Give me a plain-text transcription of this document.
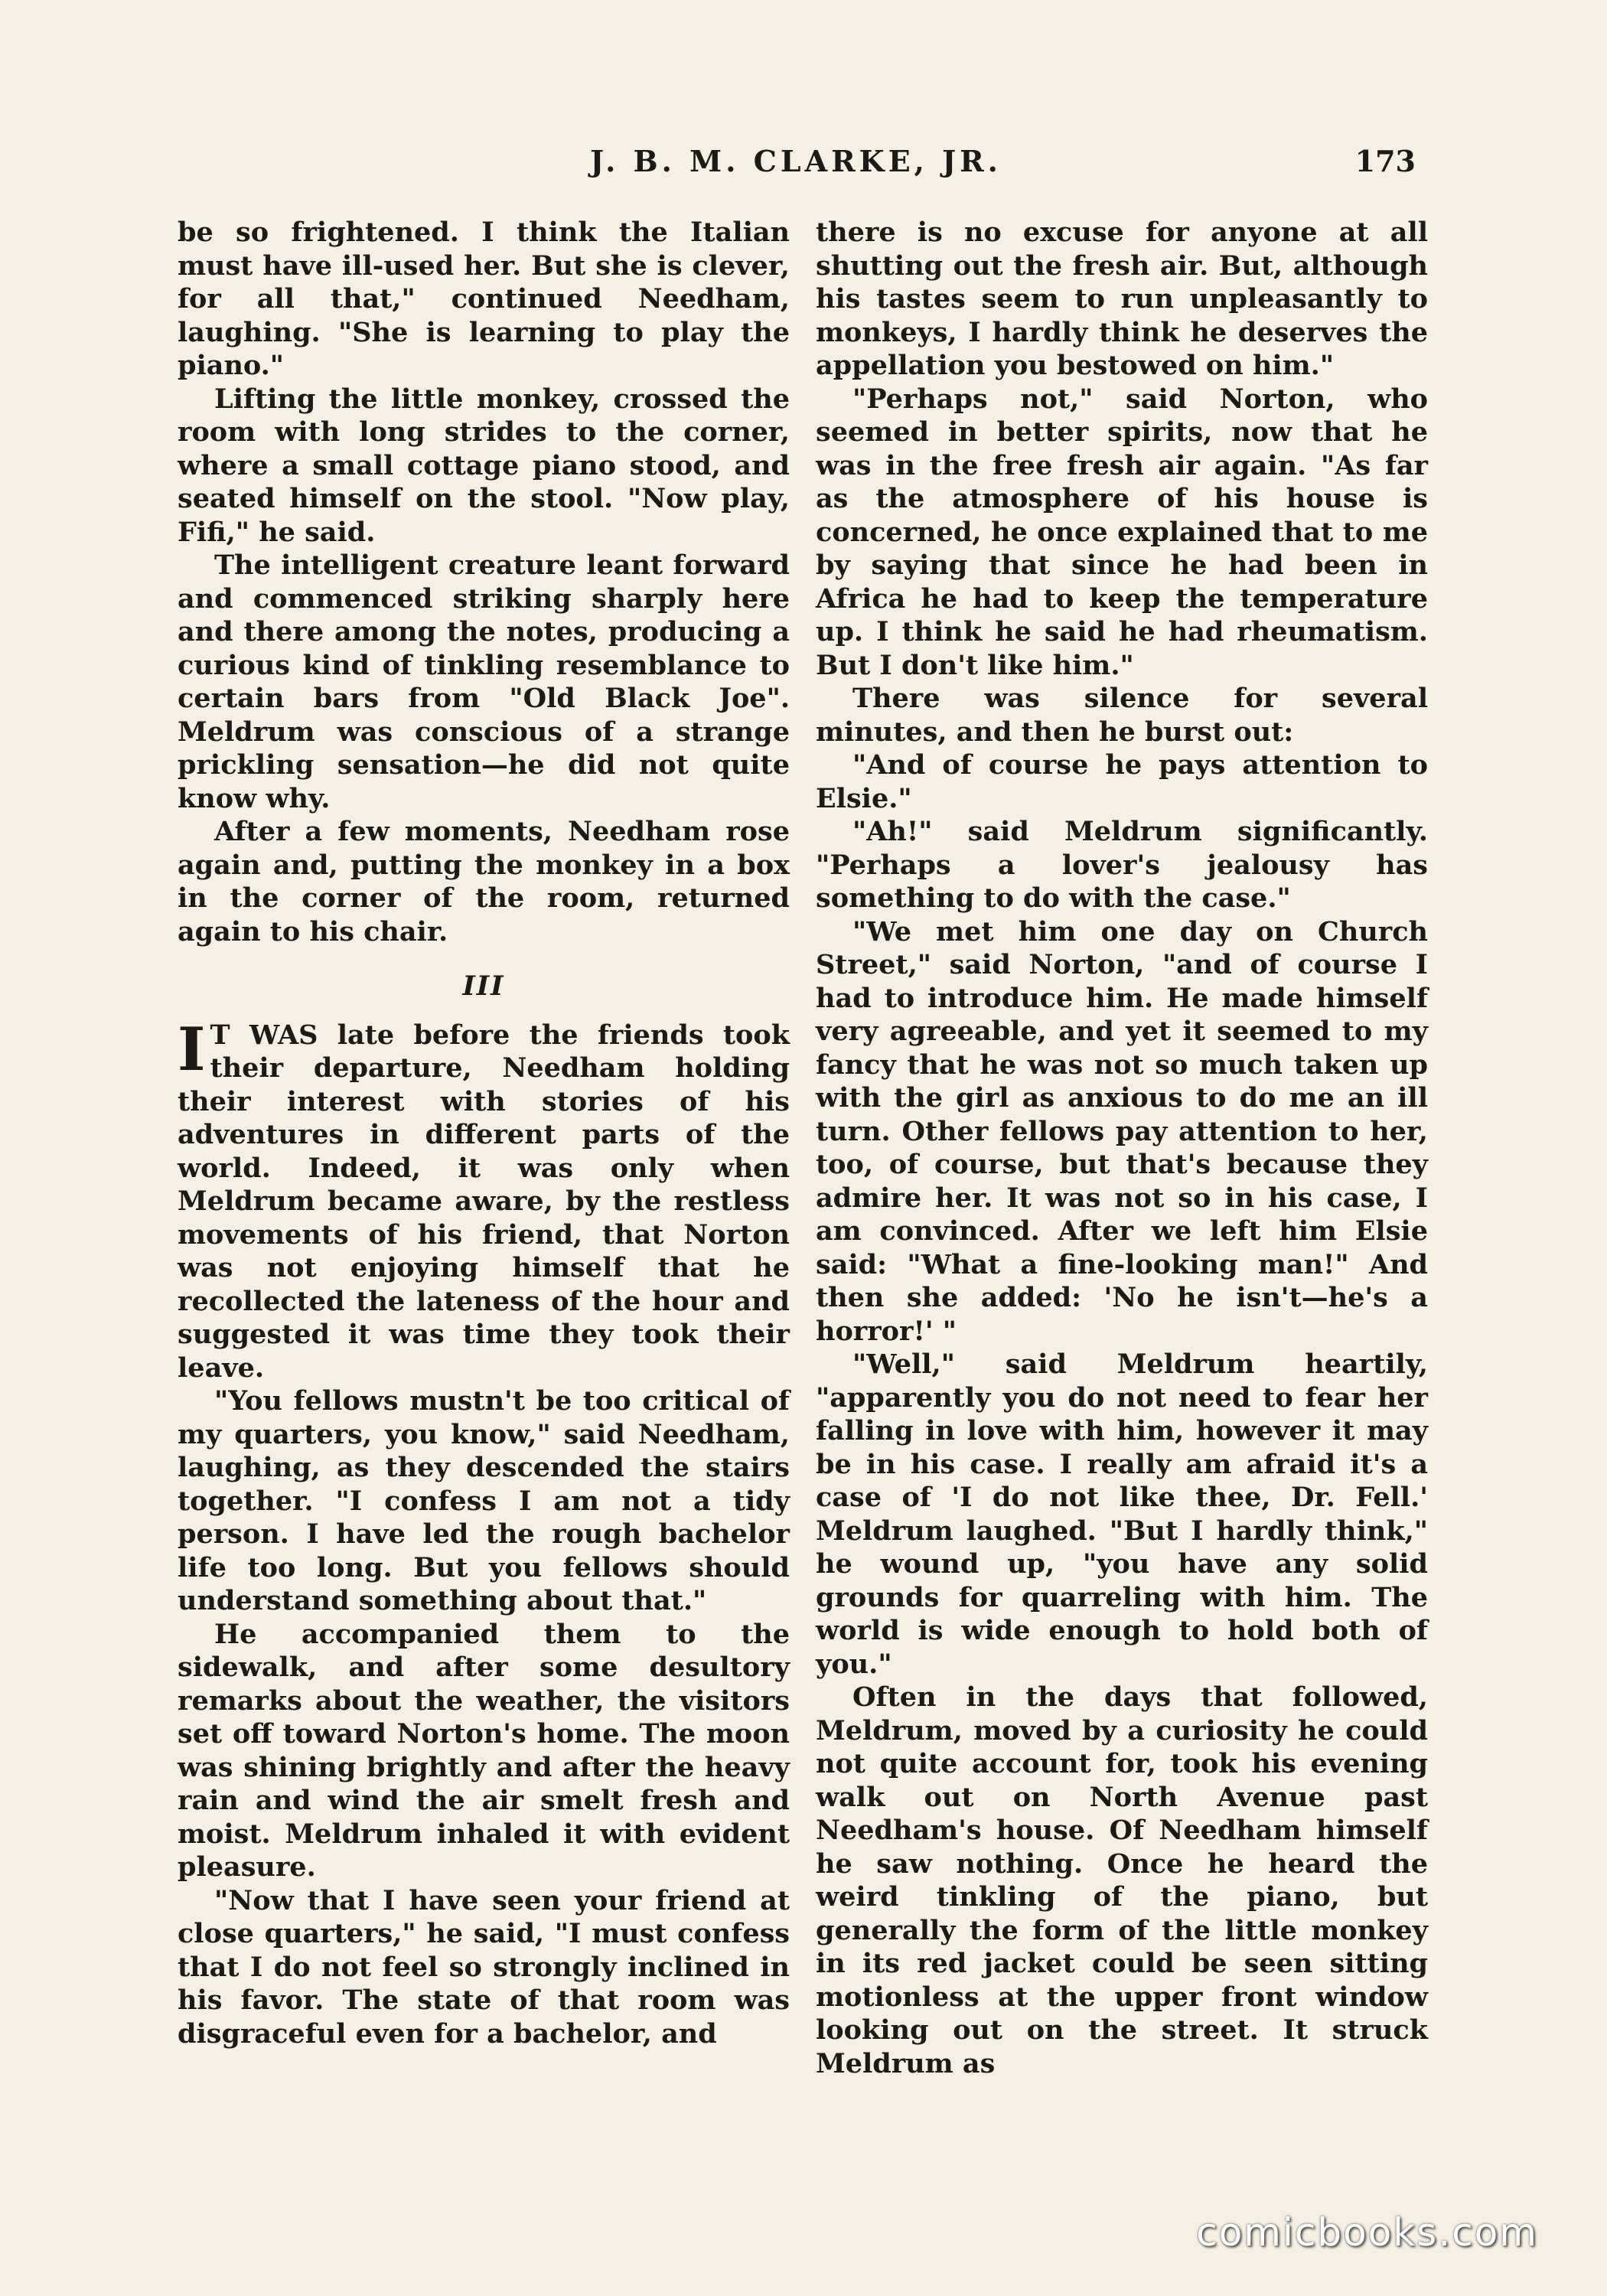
J. B. M. CLARKE, JR.	173

be so frightened. I think the Italian must have ill-used her. But she is clever, for all that," continued Needham, laughing. "She is learning to play the piano."

Lifting the little monkey, crossed the room with long strides to the corner, where a small cottage piano stood, and seated himself on the stool. "Now play, Fifi," he said.

The intelligent creature leant forward and commenced striking sharply here and there among the notes, producing a curious kind of tinkling resemblance to certain bars from "Old Black Joe". Meldrum was conscious of a strange prickling sensation—he did not quite know why.

After a few moments, Needham rose again and, putting the monkey in a box in the corner of the room, returned again to his chair.

III

I T WAS late before the friends took their departure, Needham holding their interest with stories of his adventures in different parts of the world. Indeed, it was only when Meldrum became aware, by the restless movements of his friend, that Norton was not enjoying himself that he recollected the lateness of the hour and suggested it was time they took their leave.

"You fellows mustn't be too critical of my quarters, you know," said Needham, laughing, as they descended the stairs together. "I confess I am not a tidy person. I have led the rough bachelor life too long. But you fellows should understand something about that."

He accompanied them to the sidewalk, and after some desultory remarks about the weather, the visitors set off toward Norton's home. The moon was shining brightly and after the heavy rain and wind the air smelt fresh and moist. Meldrum inhaled it with evident pleasure.

"Now that I have seen your friend at close quarters," he said, "I must confess that I do not feel so strongly inclined in his favor. The state of that room was disgraceful even for a bachelor, and

there is no excuse for anyone at all shutting out the fresh air. But, although his tastes seem to run unpleasantly to monkeys, I hardly think he deserves the appellation you bestowed on him."

"Perhaps not," said Norton, who seemed in better spirits, now that he was in the free fresh air again. "As far as the atmosphere of his house is concerned, he once explained that to me by saying that since he had been in Africa he had to keep the temperature up. I think he said he had rheumatism. But I don't like him."

There was silence for several minutes, and then he burst out:

"And of course he pays attention to Elsie."

"Ah!" said Meldrum significantly. "Perhaps a lover's jealousy has something to do with the case."

"We met him one day on Church Street," said Norton, "and of course I had to introduce him. He made himself very agreeable, and yet it seemed to my fancy that he was not so much taken up with the girl as anxious to do me an ill turn. Other fellows pay attention to her, too, of course, but that's because they admire her. It was not so in his case, I am convinced. After we left him Elsie said: "What a fine-looking man!" And then she added: 'No he isn't—he's a horror!' "

"Well," said Meldrum heartily, "apparently you do not need to fear her falling in love with him, however it may be in his case. I really am afraid it's a case of 'I do not like thee, Dr. Fell.' Meldrum laughed. "But I hardly think," he wound up, "you have any solid grounds for quarreling with him. The world is wide enough to hold both of you."

Often in the days that followed, Meldrum, moved by a curiosity he could not quite account for, took his evening walk out on North Avenue past Needham's house. Of Needham himself he saw nothing. Once he heard the weird tinkling of the piano, but generally the form of the little monkey in its red jacket could be seen sitting motionless at the upper front window looking out on the street. It struck Meldrum as

comicbooks.com
